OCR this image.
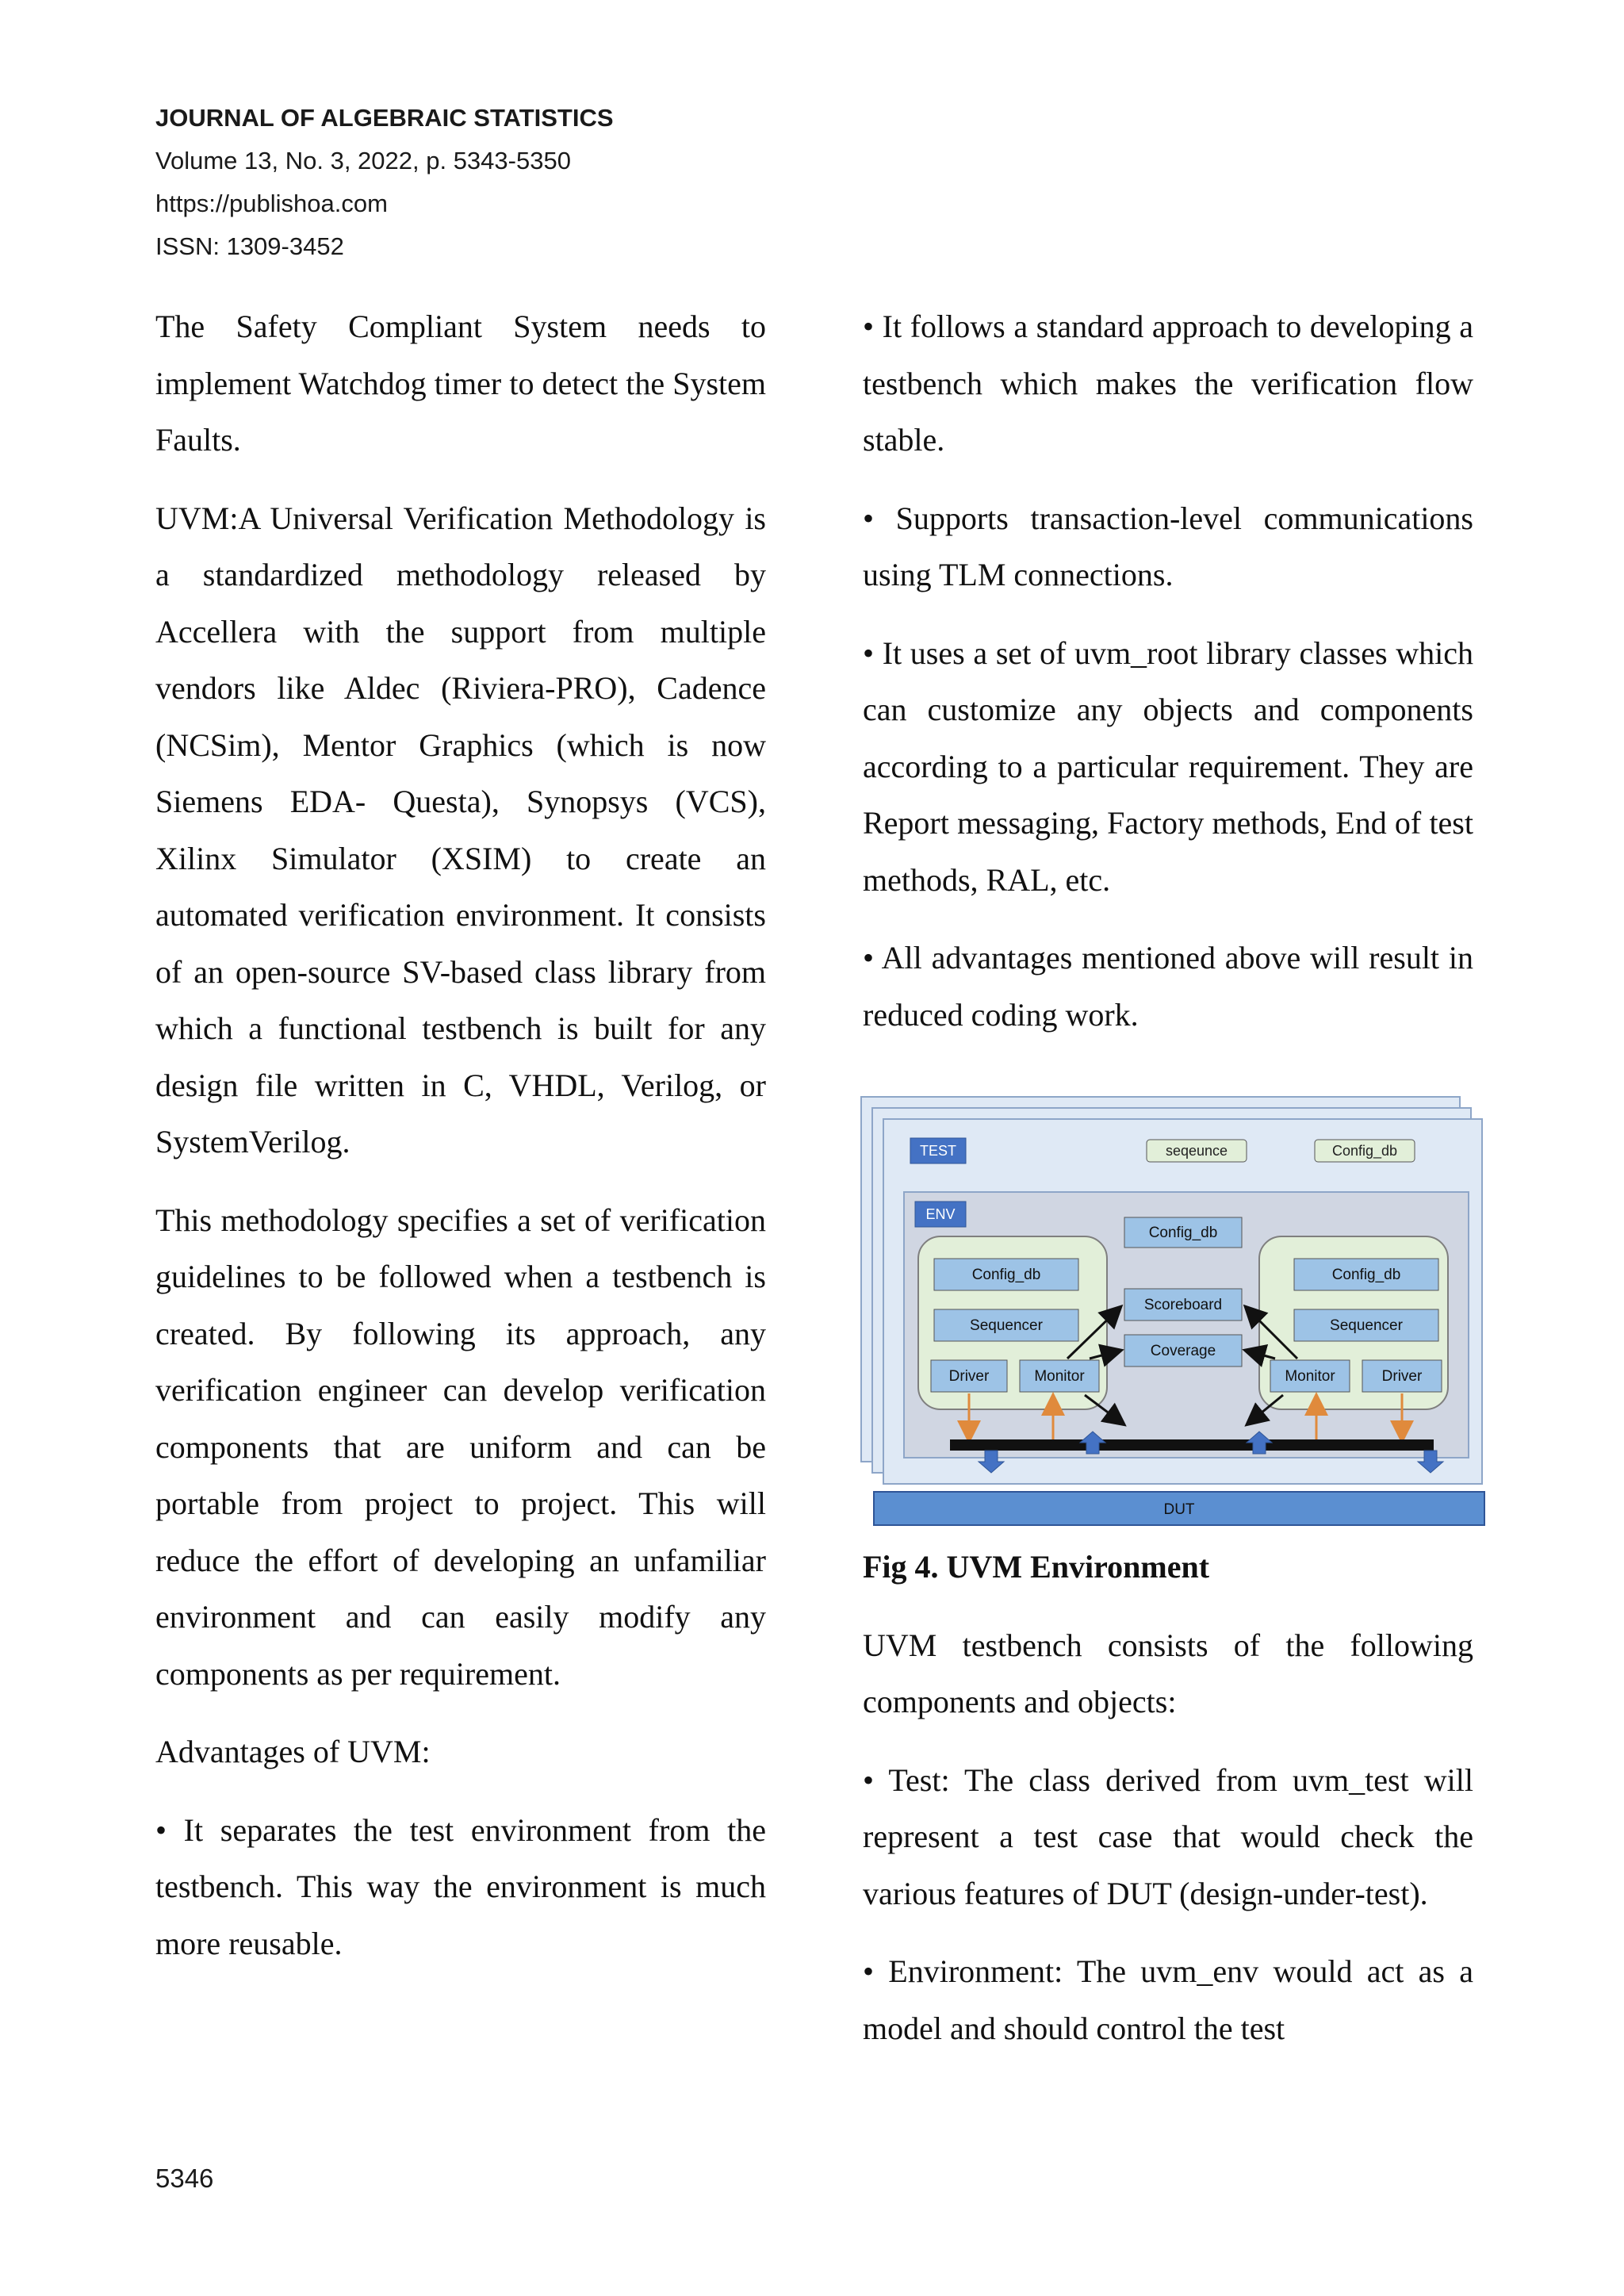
JOURNAL OF ALGEBRAIC STATISTICS
Volume 13, No. 3, 2022, p. 5343-5350
https://publishoa.com
ISSN: 1309-3452

The Safety Compliant System needs to implement Watchdog timer to detect the System Faults.

UVM:A Universal Verification Methodology is a standardized methodology released by Accellera with the support from multiple vendors like Aldec (Riviera-PRO), Cadence (NCSim), Mentor Graphics (which is now Siemens EDA- Questa), Synopsys (VCS), Xilinx Simulator (XSIM) to create an automated verification environment. It consists of an open-source SV-based class library from which a functional testbench is built for any design file written in C, VHDL, Verilog, or SystemVerilog.

This methodology specifies a set of verification guidelines to be followed when a testbench is created. By following its approach, any verification engineer can develop verification components that are uniform and can be portable from project to project. This will reduce the effort of developing an unfamiliar environment and can easily modify any components as per requirement.

Advantages of UVM:

• It separates the test environment from the testbench. This way the environment is much more reusable.

• It follows a standard approach to developing a testbench which makes the verification flow stable.

• Supports transaction-level communications using TLM connections.

• It uses a set of uvm_root library classes which can customize any objects and components according to a particular requirement. They are Report messaging, Factory methods, End of test methods, RAL, etc.

• All advantages mentioned above will result in reduced coding work.

TEST	seqeunce	Config_db
ENV
Config_db
Config_db
Sequencer
Driver	Monitor
Scoreboard
Coverage
Config_db
Sequencer
Monitor	Driver
DUT

Fig 4. UVM Environment

UVM testbench consists of the following components and objects:

• Test: The class derived from uvm_test will represent a test case that would check the various features of DUT (design-under-test).

• Environment: The uvm_env would act as a model and should control the test

5346
